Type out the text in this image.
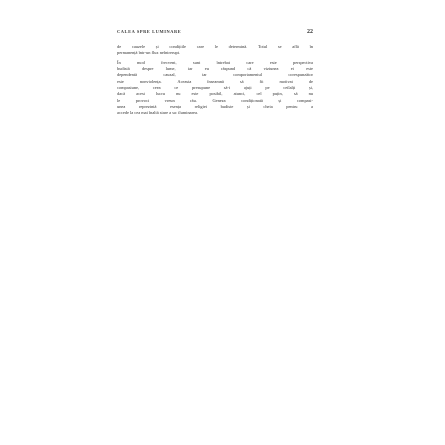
CALEA SPRE LUMINARE	22

de cauzele și condițiile care le determină. Totul se află în
permanență într-un flux neîntrerupt.

În mod frecvent, sunt întrebat care este perspectiva
budistă despre lume, iar eu răspund că viziunea ei este
dependentă cauzal, iar comportamentul corespunzător
este nonviolența. Aceasta înseamnă să fii motivat de
compasiune, ceea ce presupune să-i ajuți pe ceilalți și,
dacă acest lucru nu este posibil, atunci, cel puțin, să nu
le provoci vreun rău. Geneza condiționată și compasi-
unea reprezintă esența religiei budiste și cheia pentru a
accede la cea mai înaltă stare a sa: iluminarea.
